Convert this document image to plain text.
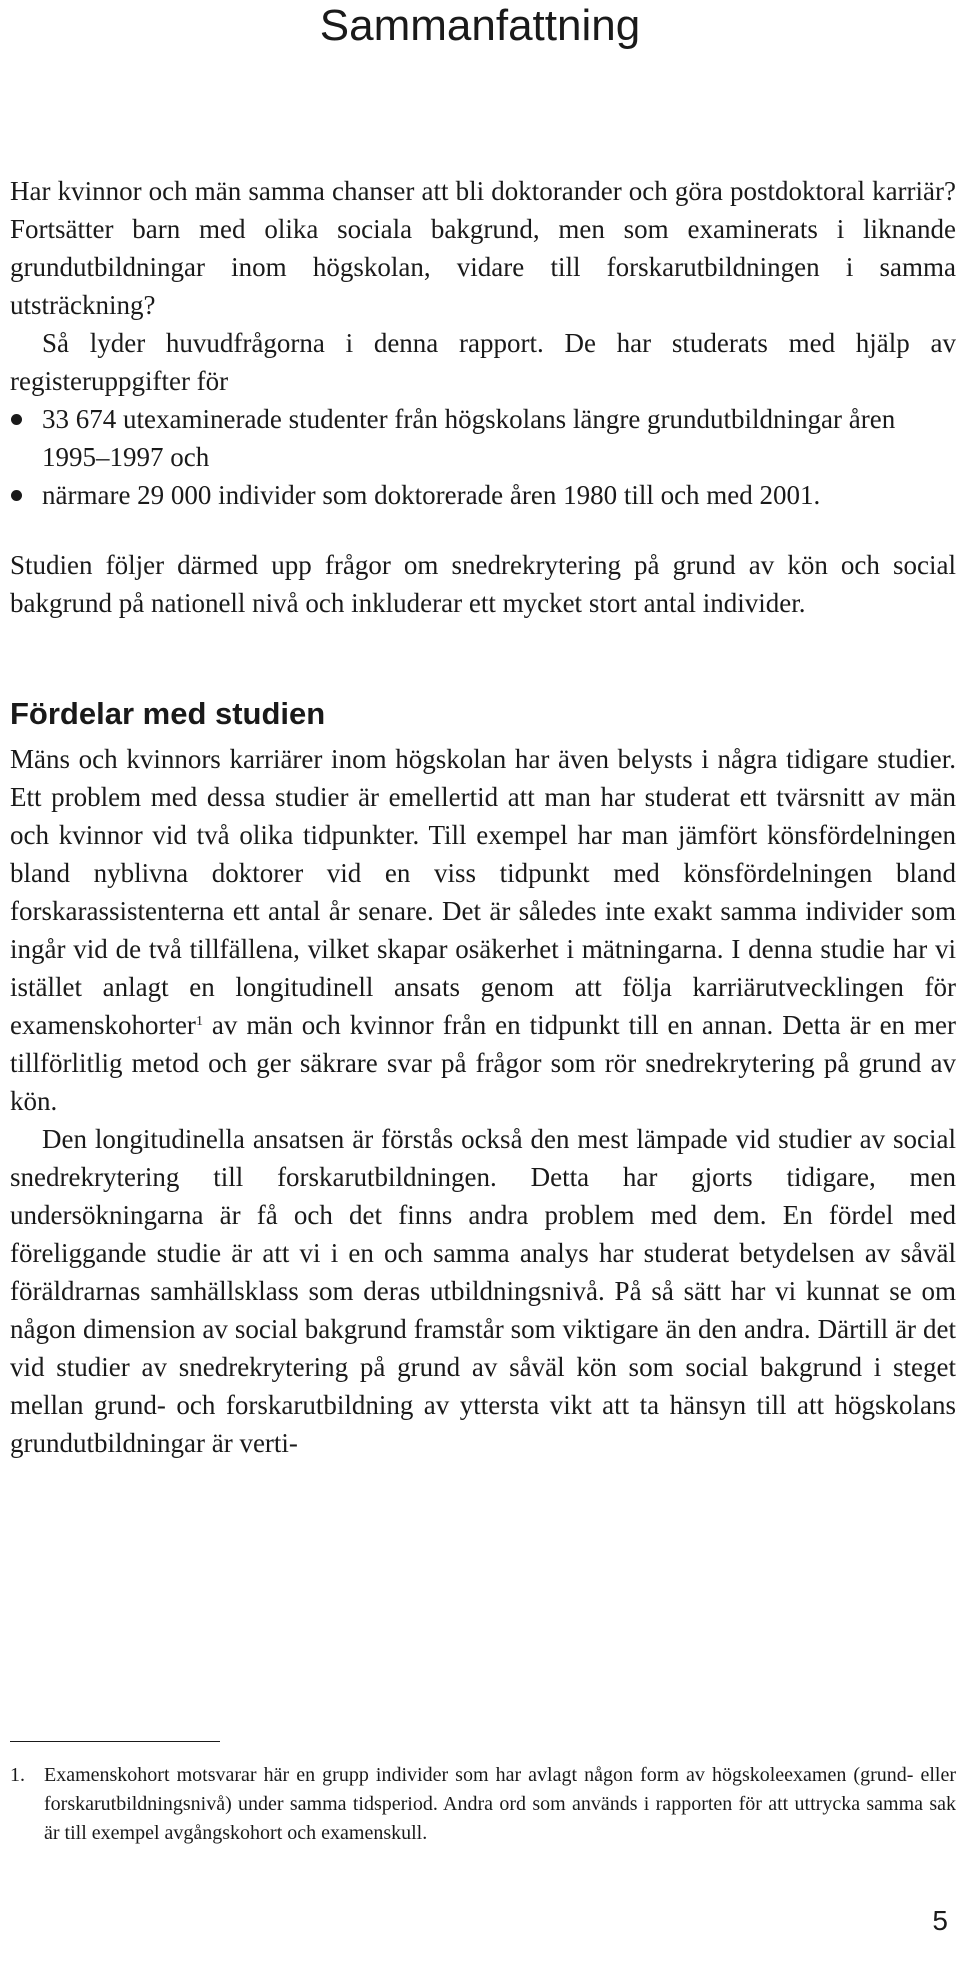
Sammanfattning

Har kvinnor och män samma chanser att bli doktorander och göra postdoktoral karriär? Fortsätter barn med olika sociala bakgrund, men som examinerats i liknande grundutbildningar inom högskolan, vidare till forskarutbildningen i samma utsträckning?

Så lyder huvudfrågorna i denna rapport. De har studerats med hjälp av registeruppgifter för

33 674 utexaminerade studenter från högskolans längre grundutbildningar åren 1995–1997 och
närmare 29 000 individer som doktorerade åren 1980 till och med 2001.

Studien följer därmed upp frågor om snedrekrytering på grund av kön och social bakgrund på nationell nivå och inkluderar ett mycket stort antal individer.

Fördelar med studien

Mäns och kvinnors karriärer inom högskolan har även belysts i några tidigare studier. Ett problem med dessa studier är emellertid att man har studerat ett tvärsnitt av män och kvinnor vid två olika tidpunkter. Till exempel har man jämfört könsfördelningen bland nyblivna doktorer vid en viss tidpunkt med könsfördelningen bland forskarassistenterna ett antal år senare. Det är således inte exakt samma individer som ingår vid de två tillfällena, vilket skapar osäkerhet i mätningarna. I denna studie har vi istället anlagt en longitudinell ansats genom att följa karriärutvecklingen för examenskohorter$^1$ av män och kvinnor från en tidpunkt till en annan. Detta är en mer tillförlitlig metod och ger säkrare svar på frågor som rör snedrekrytering på grund av kön.

Den longitudinella ansatsen är förstås också den mest lämpade vid studier av social snedrekrytering till forskarutbildningen. Detta har gjorts tidigare, men undersökningarna är få och det finns andra problem med dem. En fördel med föreliggande studie är att vi i en och samma analys har studerat betydelsen av såväl föräldrarnas samhällsklass som deras utbildningsnivå. På så sätt har vi kunnat se om någon dimension av social bakgrund framstår som viktigare än den andra. Därtill är det vid studier av snedrekrytering på grund av såväl kön som social bakgrund i steget mellan grund- och forskarutbildning av yttersta vikt att ta hänsyn till att högskolans grundutbildningar är verti-

1. Examenskohort motsvarar här en grupp individer som har avlagt någon form av högskoleexamen (grund- eller forskarutbildningsnivå) under samma tidsperiod. Andra ord som används i rapporten för att uttrycka samma sak är till exempel avgångskohort och examenskull.
5
